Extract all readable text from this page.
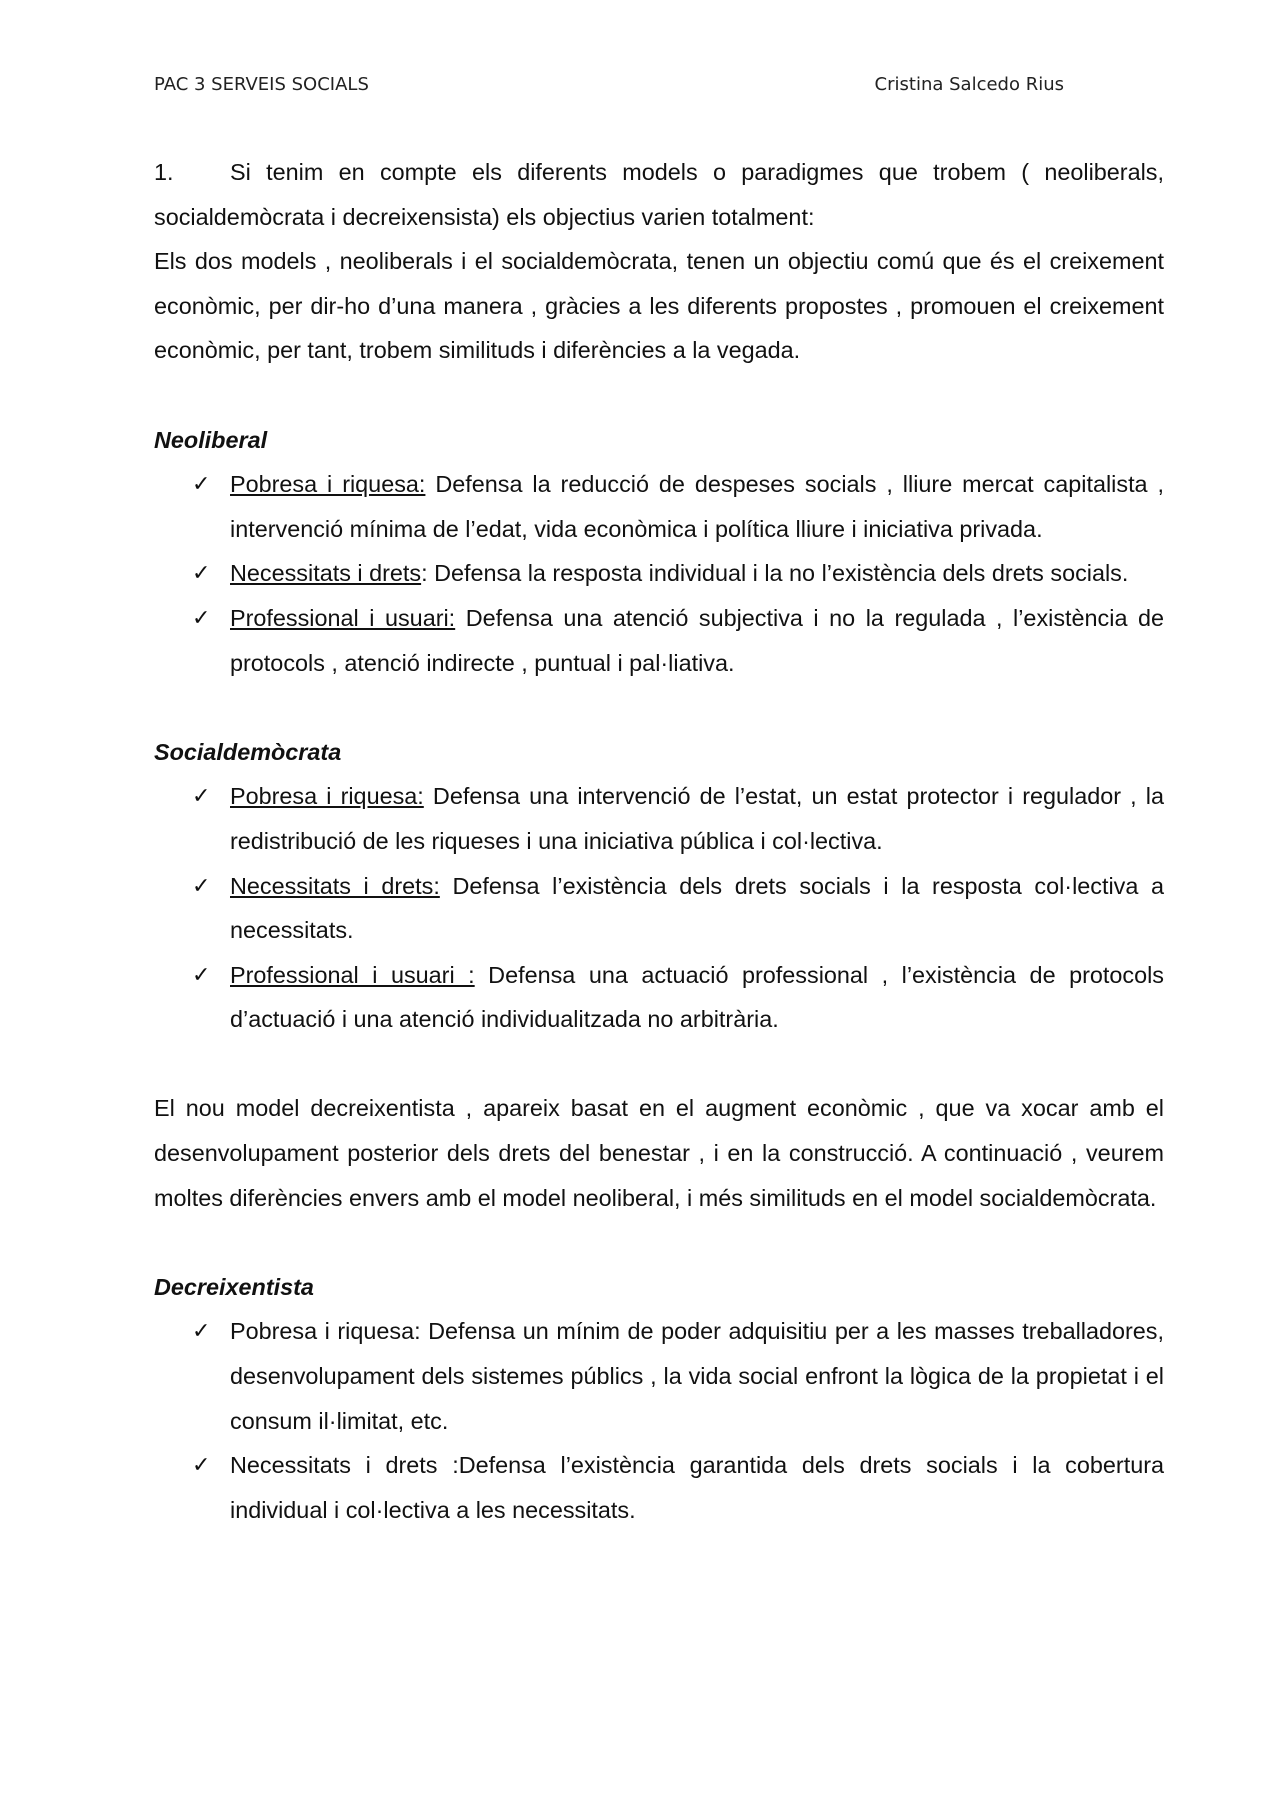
PAC 3 SERVEIS SOCIALS	Cristina Salcedo Rius

1. Si tenim en compte els diferents models o paradigmes que trobem ( neoliberals, socialdemòcrata i decreixensista) els objectius varien totalment:

Els dos models , neoliberals i el socialdemòcrata, tenen un objectiu comú que és el creixement econòmic, per dir-ho d’una manera , gràcies a les diferents propostes , promouen el creixement econòmic, per tant, trobem similituds i diferències a la vegada.

Neoliberal
✓ Pobresa i riquesa: Defensa la reducció de despeses socials , lliure mercat capitalista , intervenció mínima de l’edat, vida econòmica i política lliure i iniciativa privada.
✓ Necessitats i drets: Defensa la resposta individual i la no l’existència dels drets socials.
✓ Professional i usuari: Defensa una atenció subjectiva i no la regulada , l’existència de protocols , atenció indirecte , puntual i pal·liativa.
Socialdemòcrata
✓ Pobresa i riquesa: Defensa una intervenció de l’estat, un estat protector i regulador , la redistribució de les riqueses i una iniciativa pública i col·lectiva.
✓ Necessitats i drets: Defensa l’existència dels drets socials i la resposta col·lectiva a necessitats.
✓ Professional i usuari : Defensa una actuació professional , l’existència de protocols d’actuació i una atenció individualitzada no arbitrària.

El nou model decreixentista , apareix basat en el augment econòmic , que va xocar amb el desenvolupament posterior dels drets del benestar , i en la construcció. A continuació , veurem moltes diferències envers amb el model neoliberal, i més similituds en el model socialdemòcrata.

Decreixentista
✓ Pobresa i riquesa: Defensa un mínim de poder adquisitiu per a les masses treballadores, desenvolupament dels sistemes públics , la vida social enfront la lògica de la propietat i el consum il·limitat, etc.
✓ Necessitats i drets :Defensa l’existència garantida dels drets socials i la cobertura individual i col·lectiva a les necessitats.
